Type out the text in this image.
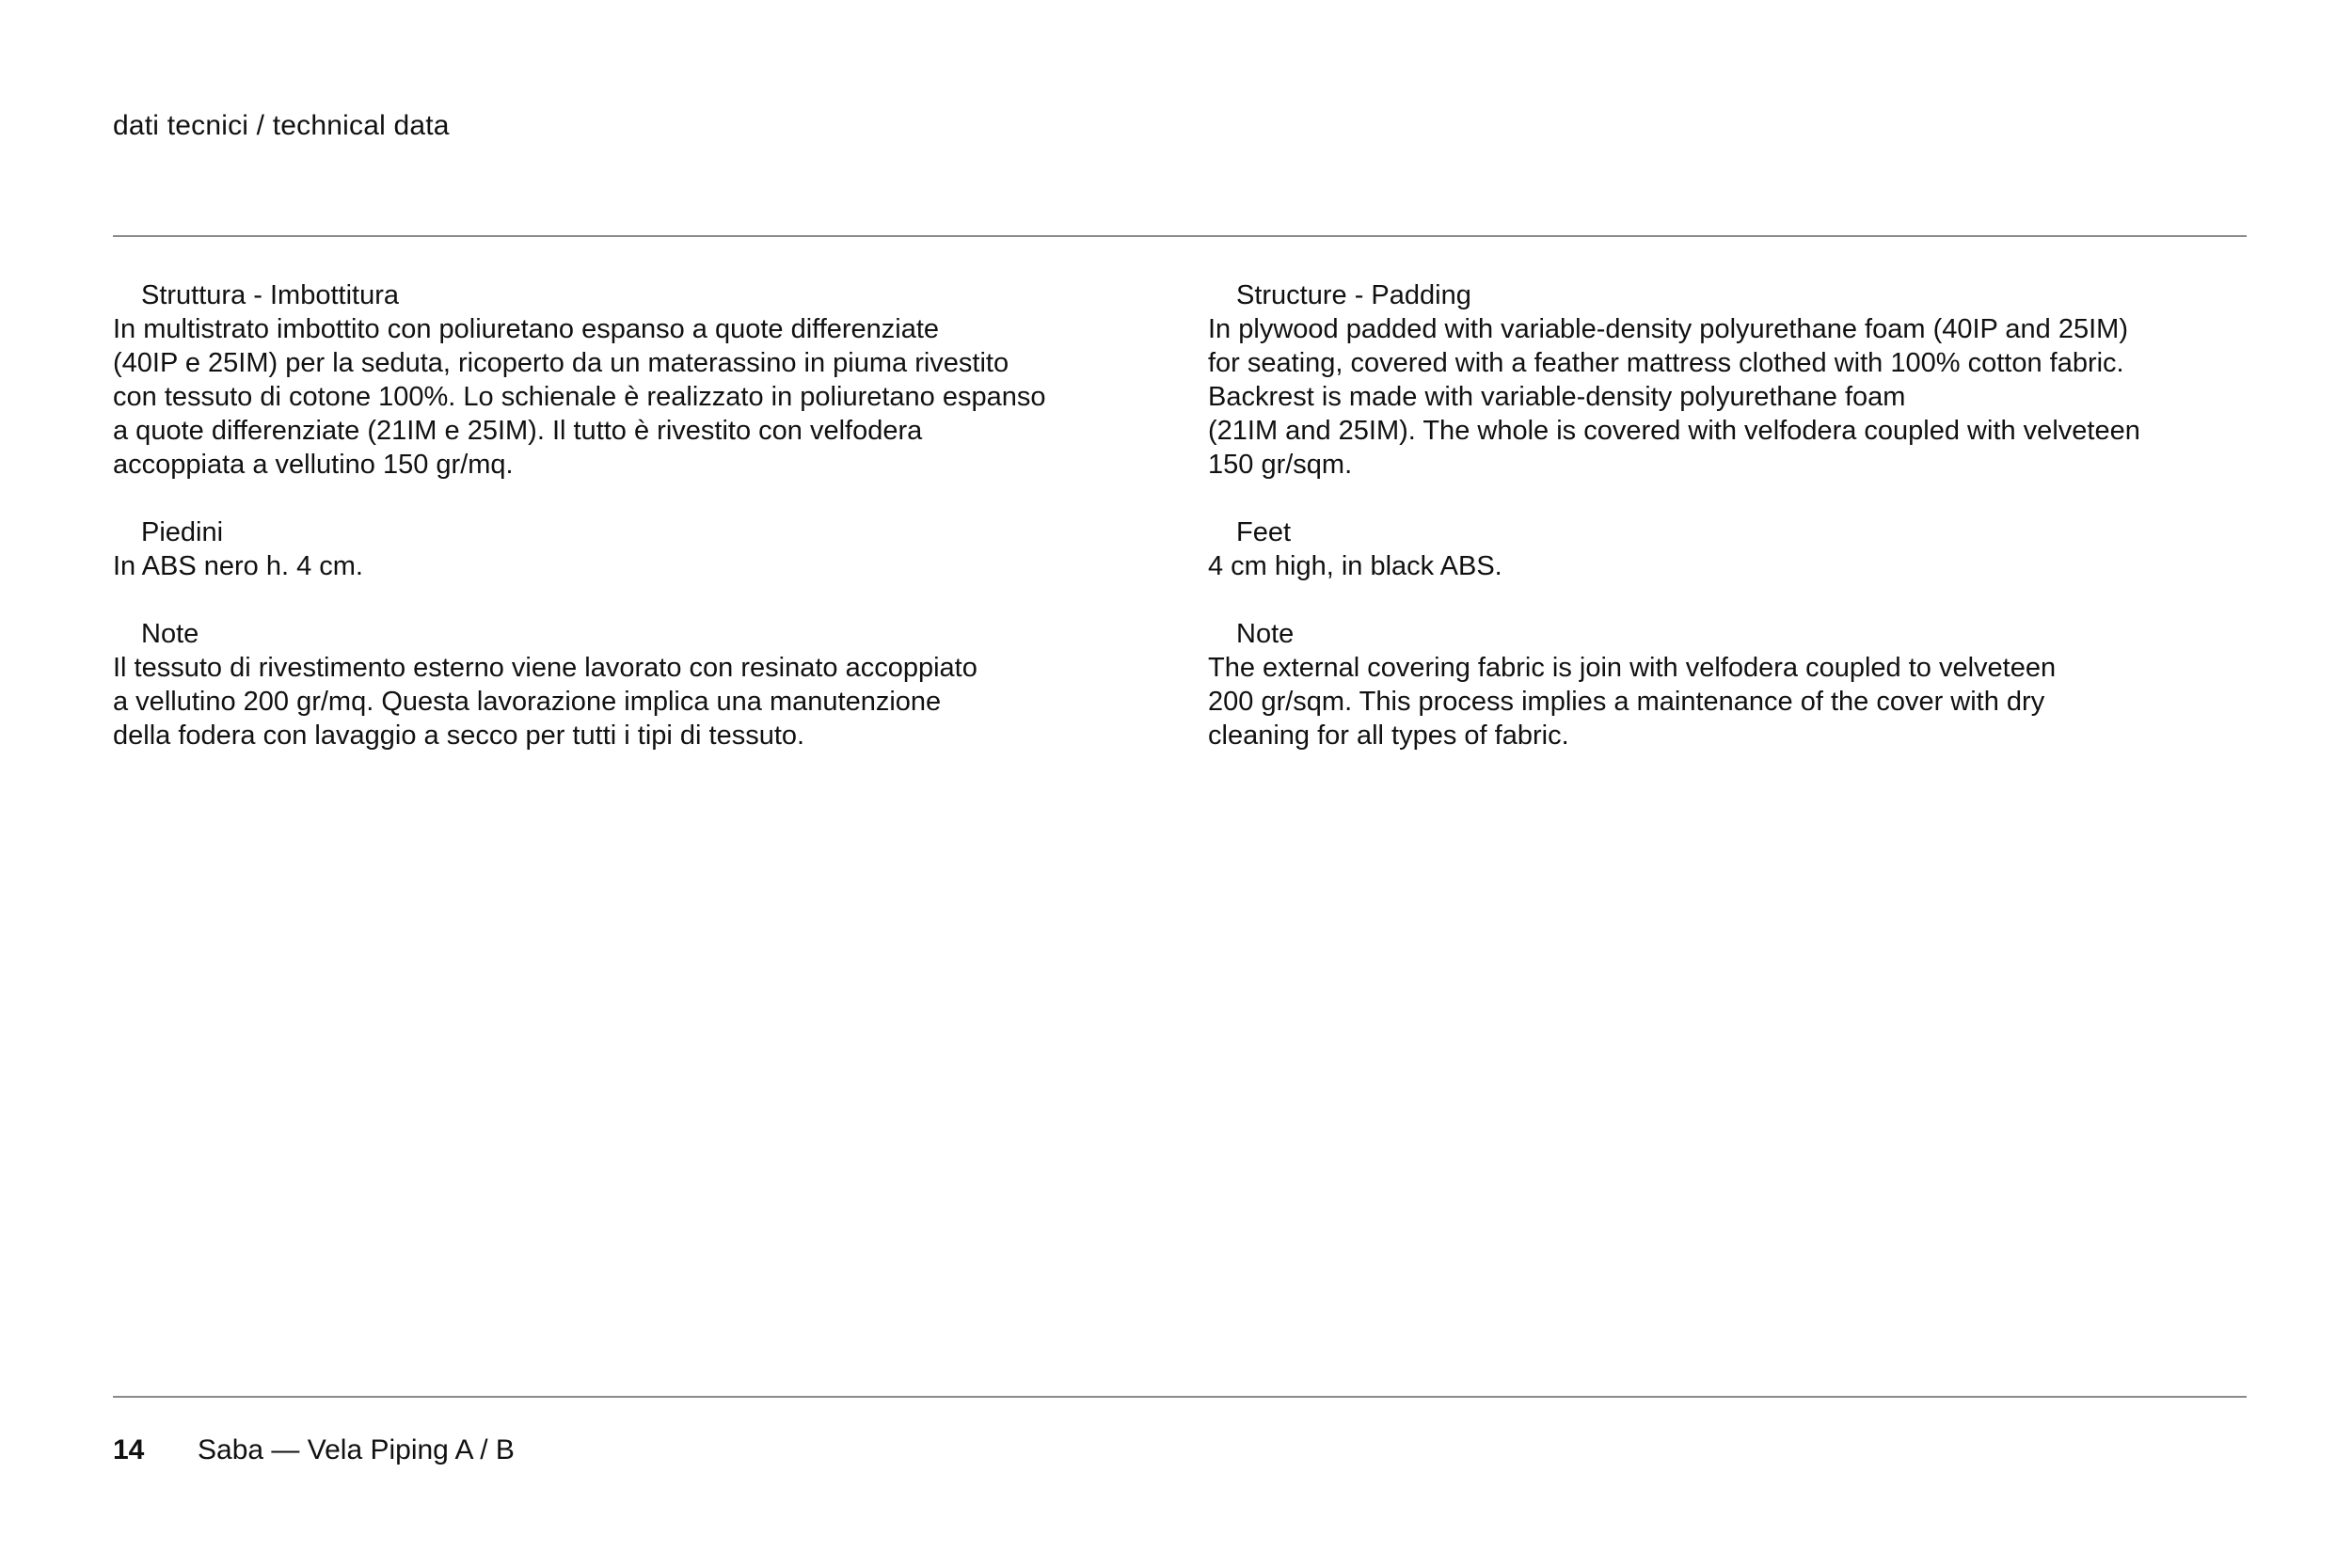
dati tecnici / technical data

Struttura - Imbottitura

In multistrato imbottito con poliuretano espanso a quote differenziate
(40IP e 25IM) per la seduta, ricoperto da un materassino in piuma rivestito
con tessuto di cotone 100%. Lo schienale è realizzato in poliuretano espanso
a quote differenziate (21IM e 25IM). Il tutto è rivestito con velfodera
accoppiata a vellutino 150 gr/mq.

Piedini

In ABS nero h. 4 cm.

Note

Il tessuto di rivestimento esterno viene lavorato con resinato accoppiato
a vellutino 200 gr/mq. Questa lavorazione implica una manutenzione
della fodera con lavaggio a secco per tutti i tipi di tessuto.

Structure - Padding

In plywood padded with variable-density polyurethane foam (40IP and 25IM)
for seating, covered with a feather mattress clothed with 100% cotton fabric.
Backrest is made with variable-density polyurethane foam
(21IM and 25IM). The whole is covered with velfodera coupled with velveteen
150 gr/sqm.

Feet

4 cm high, in black ABS.

Note

The external covering fabric is join with velfodera coupled to velveteen
200 gr/sqm. This process implies a maintenance of the cover with dry
cleaning for all types of fabric.

14 Saba — Vela Piping A / B
